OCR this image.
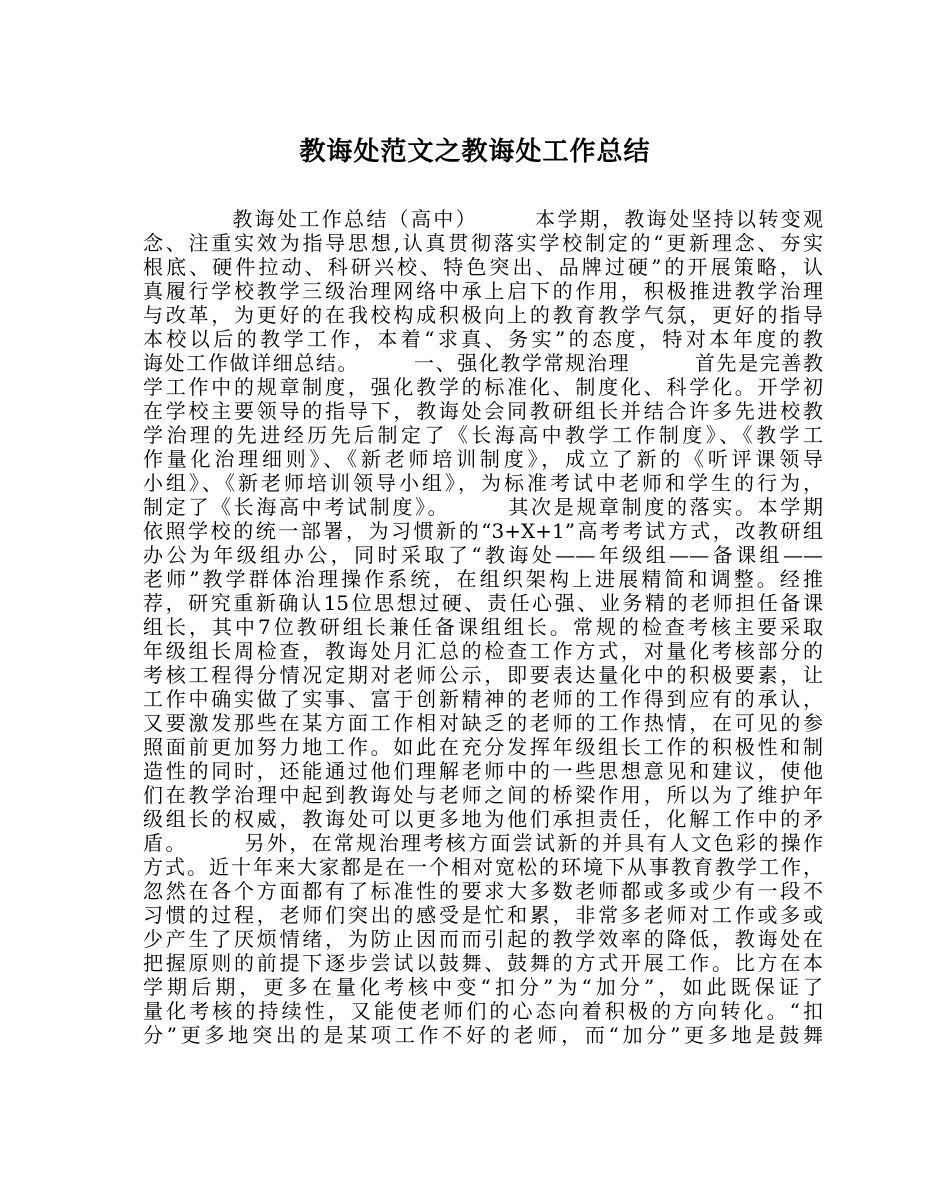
教诲处范文之教诲处工作总结
　　　　教诲处工作总结（高中）　　　本学期，教诲处坚持以转变观
念、注重实效为指导思想,认真贯彻落实学校制定的“更新理念、夯实
根底、硬件拉动、科研兴校、特色突出、品牌过硬”的开展策略，认
真履行学校教学三级治理网络中承上启下的作用，积极推进教学治理
与改革，为更好的在我校构成积极向上的教育教学气氛，更好的指导
本校以后的教学工作，本着“求真、务实”的态度，特对本年度的教
诲处工作做详细总结。　　　一、强化教学常规治理　　　首先是完善教
学工作中的规章制度，强化教学的标准化、制度化、科学化。开学初
在学校主要领导的指导下，教诲处会同教研组长并结合许多先进校教
学治理的先进经历先后制定了《长海高中教学工作制度》、《教学工
作量化治理细则》、《新老师培训制度》，成立了新的《听评课领导
小组》、《新老师培训领导小组》，为标准考试中老师和学生的行为，
制定了《长海高中考试制度》。　　　其次是规章制度的落实。本学期
依照学校的统一部署，为习惯新的“3+X+1”高考考试方式，改教研组
办公为年级组办公，同时采取了“教诲处——年级组——备课组——
老师”教学群体治理操作系统，在组织架构上进展精简和调整。经推
荐，研究重新确认15位思想过硬、责任心强、业务精的老师担任备课
组长，其中7位教研组长兼任备课组组长。常规的检查考核主要采取
年级组长周检查，教诲处月汇总的检查工作方式，对量化考核部分的
考核工程得分情况定期对老师公示，即要表达量化中的积极要素，让
工作中确实做了实事、富于创新精神的老师的工作得到应有的承认，
又要激发那些在某方面工作相对缺乏的老师的工作热情，在可见的参
照面前更加努力地工作。如此在充分发挥年级组长工作的积极性和制
造性的同时，还能通过他们理解老师中的一些思想意见和建议，使他
们在教学治理中起到教诲处与老师之间的桥梁作用，所以为了维护年
级组长的权威，教诲处可以更多地为他们承担责任，化解工作中的矛
盾。　　　另外，在常规治理考核方面尝试新的并具有人文色彩的操作
方式。近十年来大家都是在一个相对宽松的环境下从事教育教学工作，
忽然在各个方面都有了标准性的要求大多数老师都或多或少有一段不
习惯的过程，老师们突出的感受是忙和累，非常多老师对工作或多或
少产生了厌烦情绪，为防止因而而引起的教学效率的降低，教诲处在
把握原则的前提下逐步尝试以鼓舞、鼓舞的方式开展工作。比方在本
学期后期，更多在量化考核中变“扣分”为“加分”，如此既保证了
量化考核的持续性，又能使老师们的心态向着积极的方向转化。“扣
分”更多地突出的是某项工作不好的老师，而“加分”更多地是鼓舞
